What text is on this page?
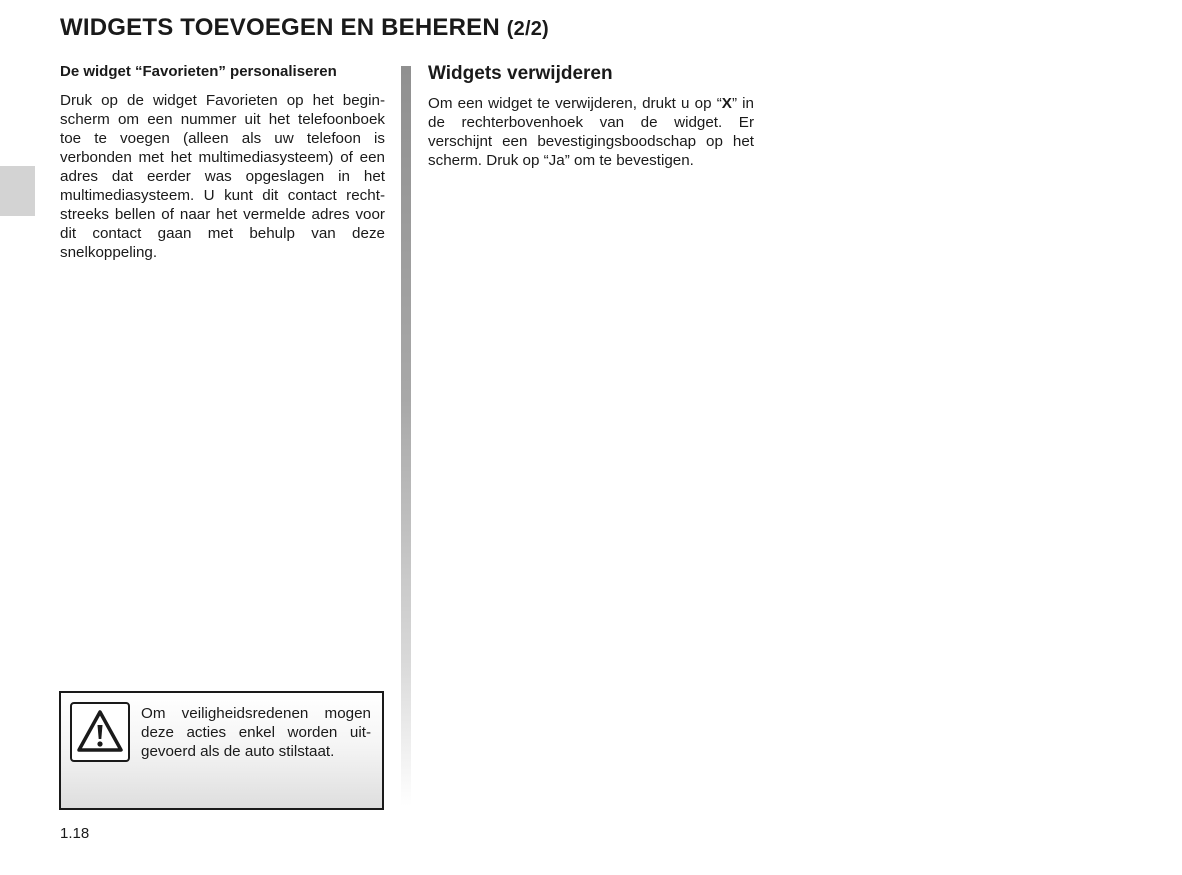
WIDGETS TOEVOEGEN EN BEHEREN (2/2)

De widget “Favorieten” personaliseren

Druk op de widget Favorieten op het beginscherm om een nummer uit het telefoonboek toe te voegen (alleen als uw telefoon is verbonden met het multimediasysteem) of een adres dat eerder was opgeslagen in het multimediasysteem. U kunt dit contact rechtstreeks bellen of naar het vermelde adres voor dit contact gaan met behulp van deze snelkoppeling.

Widgets verwijderen

Om een widget te verwijderen, drukt u op “X” in de rechterbovenhoek van de widget. Er verschijnt een bevestigingsboodschap op het scherm. Druk op “Ja” om te bevestigen.

Om veiligheidsredenen mogen deze acties enkel worden uitgevoerd als de auto stilstaat.

1.18
